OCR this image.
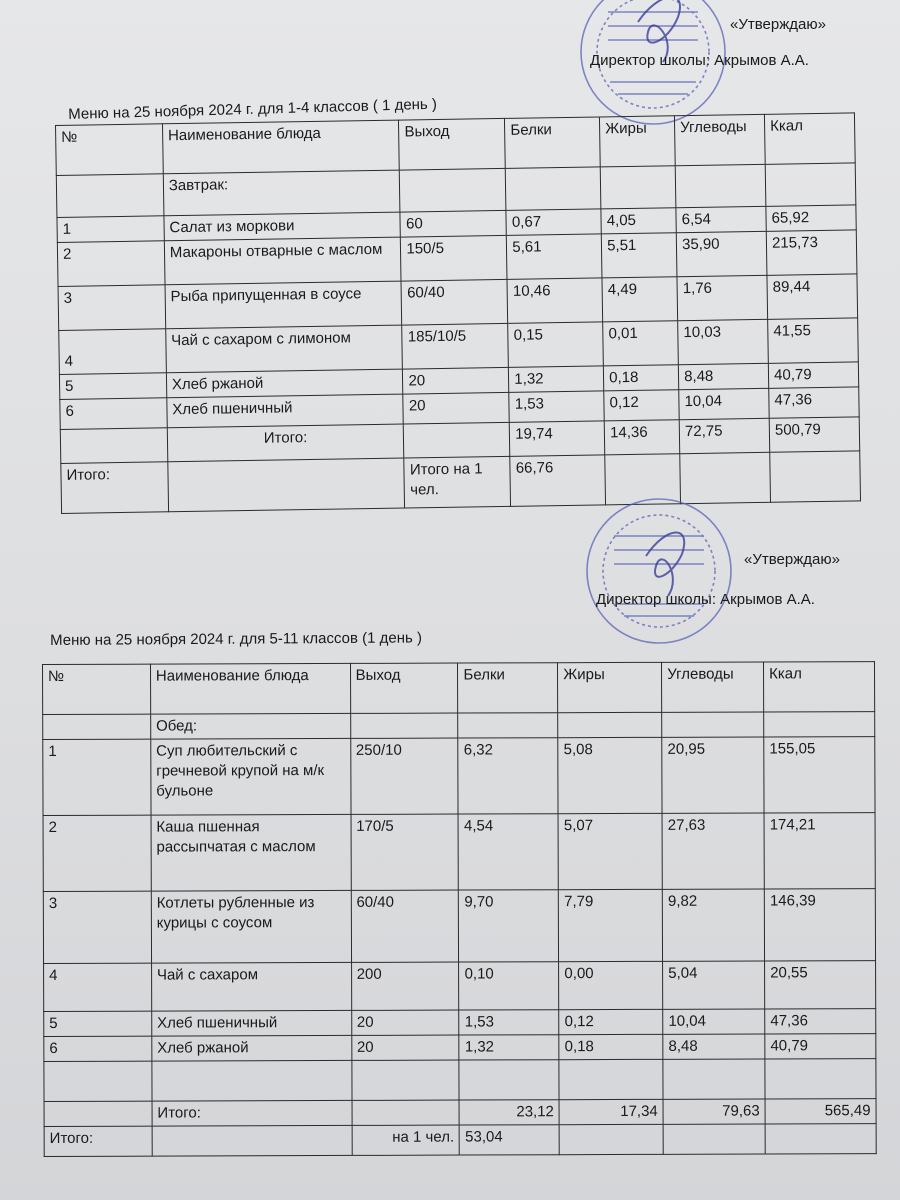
«Утверждаю»
Директор школы: Акрымов А.А.
Меню на 25 ноября 2024 г. для 1-4 классов ( 1 день )
№	Наименование блюда	Выход	Белки	Жиры	Углеводы	Ккал
	Завтрак:					
1	Салат из моркови	60	0,67	4,05	6,54	65,92
2	Макароны отварные с маслом	150/5	5,61	5,51	35,90	215,73
3	Рыба припущенная в соусе	60/40	10,46	4,49	1,76	89,44
4	Чай с сахаром с лимоном	185/10/5	0,15	0,01	10,03	41,55
5	Хлеб ржаной	20	1,32	0,18	8,48	40,79
6	Хлеб пшеничный	20	1,53	0,12	10,04	47,36
	Итого:		19,74	14,36	72,75	500,79
Итого:		Итого на 1 чел.	66,76			
«Утверждаю»
Директор школы: Акрымов А.А.
Меню на 25 ноября 2024 г. для 5-11 классов (1 день )
№	Наименование блюда	Выход	Белки	Жиры	Углеводы	Ккал
	Обед:					
1	Суп любительский с гречневой крупой на м/к бульоне	250/10	6,32	5,08	20,95	155,05
2	Каша пшенная рассыпчатая с маслом	170/5	4,54	5,07	27,63	174,21
3	Котлеты рубленные из курицы с соусом	60/40	9,70	7,79	9,82	146,39
4	Чай с сахаром	200	0,10	0,00	5,04	20,55
5	Хлеб пшеничный	20	1,53	0,12	10,04	47,36
6	Хлеб ржаной	20	1,32	0,18	8,48	40,79

	Итого:		23,12	17,34	79,63	565,49
Итого:		на 1 чел.	53,04			
